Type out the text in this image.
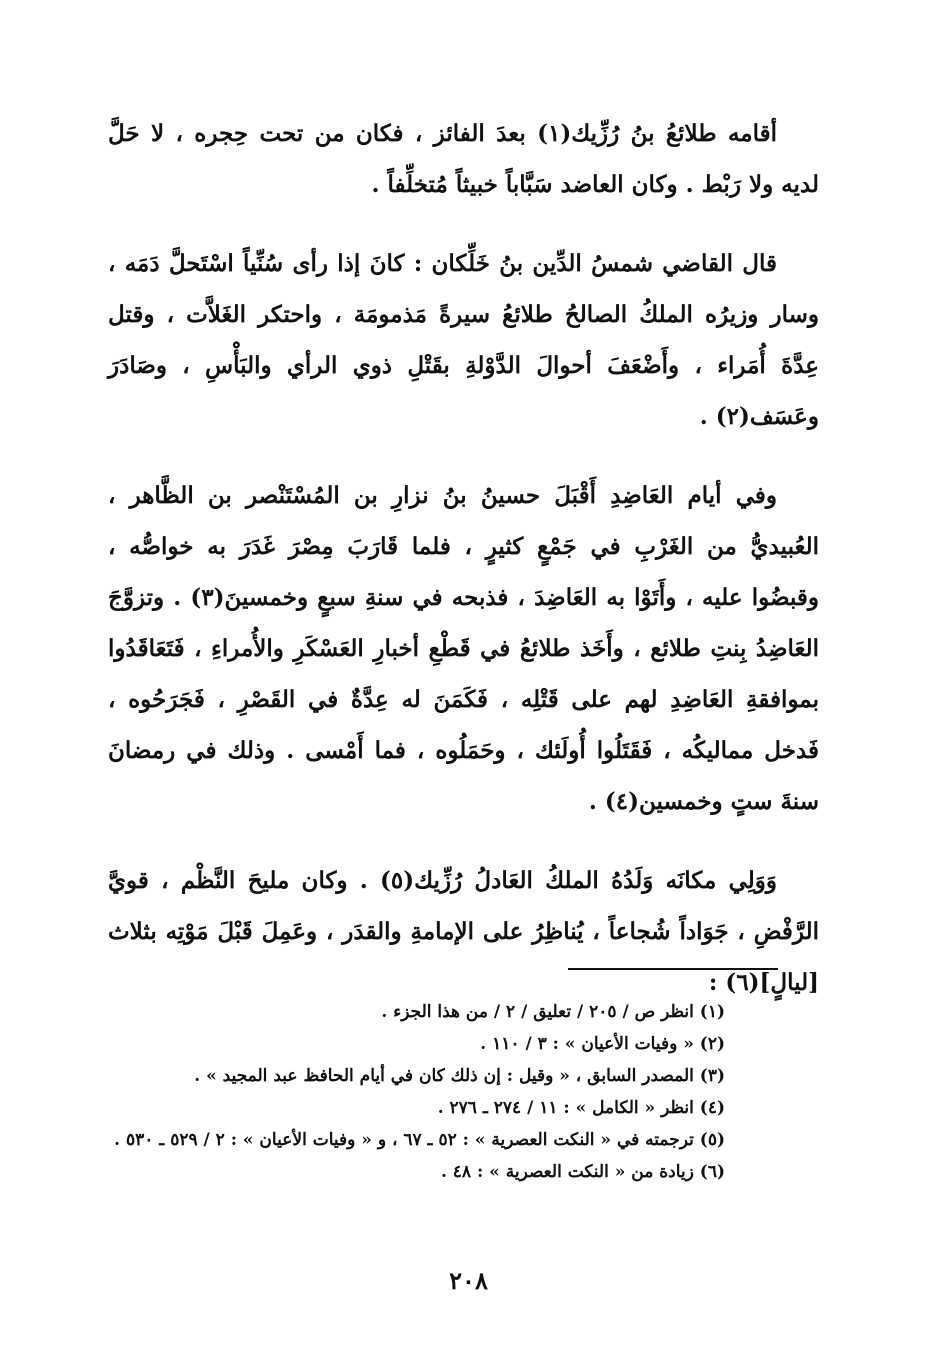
أقامه طلائعُ بنُ رُزِّيك(١) بعدَ الفائز ، فكان من تحت حِجره ، لا حَلَّ لديه ولا رَبْط . وكان العاضد سَبَّاباً خبيثاً مُتخلِّفاً .

قال القاضي شمسُ الدِّين بنُ خَلِّكان : كانَ إذا رأى سُنِّياً اسْتَحلَّ دَمَه ، وسار وزيرُه الملكُ الصالحُ طلائعُ سيرةً مَذمومَة ، واحتكر الغَلاَّت ، وقتل عِدَّةَ أُمَراء ، وأَضْعَفَ أحوالَ الدَّوْلةِ بقَتْلِ ذوي الرأي والبَأْسِ ، وصَادَرَ وعَسَف(٢) .

وفي أيام العَاضِدِ أَقْبَلَ حسينُ بنُ نزارِ بن المُسْتَنْصر بن الظَّاهر ، العُبيديُّ من الغَرْبِ في جَمْعٍ كثيرٍ ، فلما قَارَبَ مِصْرَ غَدَرَ به خواصُّه ، وقبضُوا عليه ، وأَتَوْا به العَاضِدَ ، فذبحه في سنةِ سبعٍ وخمسينَ(٣) . وتزوَّجَ العَاضِدُ بِنتِ طلائع ، وأَخَذ طلائعُ في قَطْعِ أخبارِ العَسْكَرِ والأُمراءِ ، فَتَعَاقَدُوا بموافقةِ العَاضِدِ لهم على قَتْلِه ، فَكَمَنَ له عِدَّةٌ في القَصْرِ ، فَجَرَحُوه ، فَدخل مماليكُه ، فَقَتَلُوا أُولَئك ، وحَمَلُوه ، فما أَمْسى . وذلك في رمضانَ سنةَ ستٍ وخمسين(٤) .

وَوَلِي مكانَه وَلَدُهُ الملكُ العَادلُ رُزِّيك(٥) . وكان مليحَ النَّظْم ، قويَّ الرَّفْضِ ، جَوَاداً شُجاعاً ، يُناظِرُ على الإمامةِ والقدَر ، وعَمِلَ قَبْلَ مَوْتِه بثلاث [ليالٍ](٦) :

(١) انظر ص / ٢٠٥ / تعليق / ٢ / من هذا الجزء .

(٢) « وفيات الأعيان » : ٣ / ١١٠ .

(٣) المصدر السابق ، « وقيل : إن ذلك كان في أيام الحافظ عبد المجيد » .

(٤) انظر « الكامل » : ١١ / ٢٧٤ ـ ٢٧٦ .

(٥) ترجمته في « النكت العصرية » : ٥٢ ـ ٦٧ ، و « وفيات الأعيان » : ٢ / ٥٢٩ ـ ٥٣٠ .

(٦) زيادة من « النكت العصرية » : ٤٨ .

٢٠٨
